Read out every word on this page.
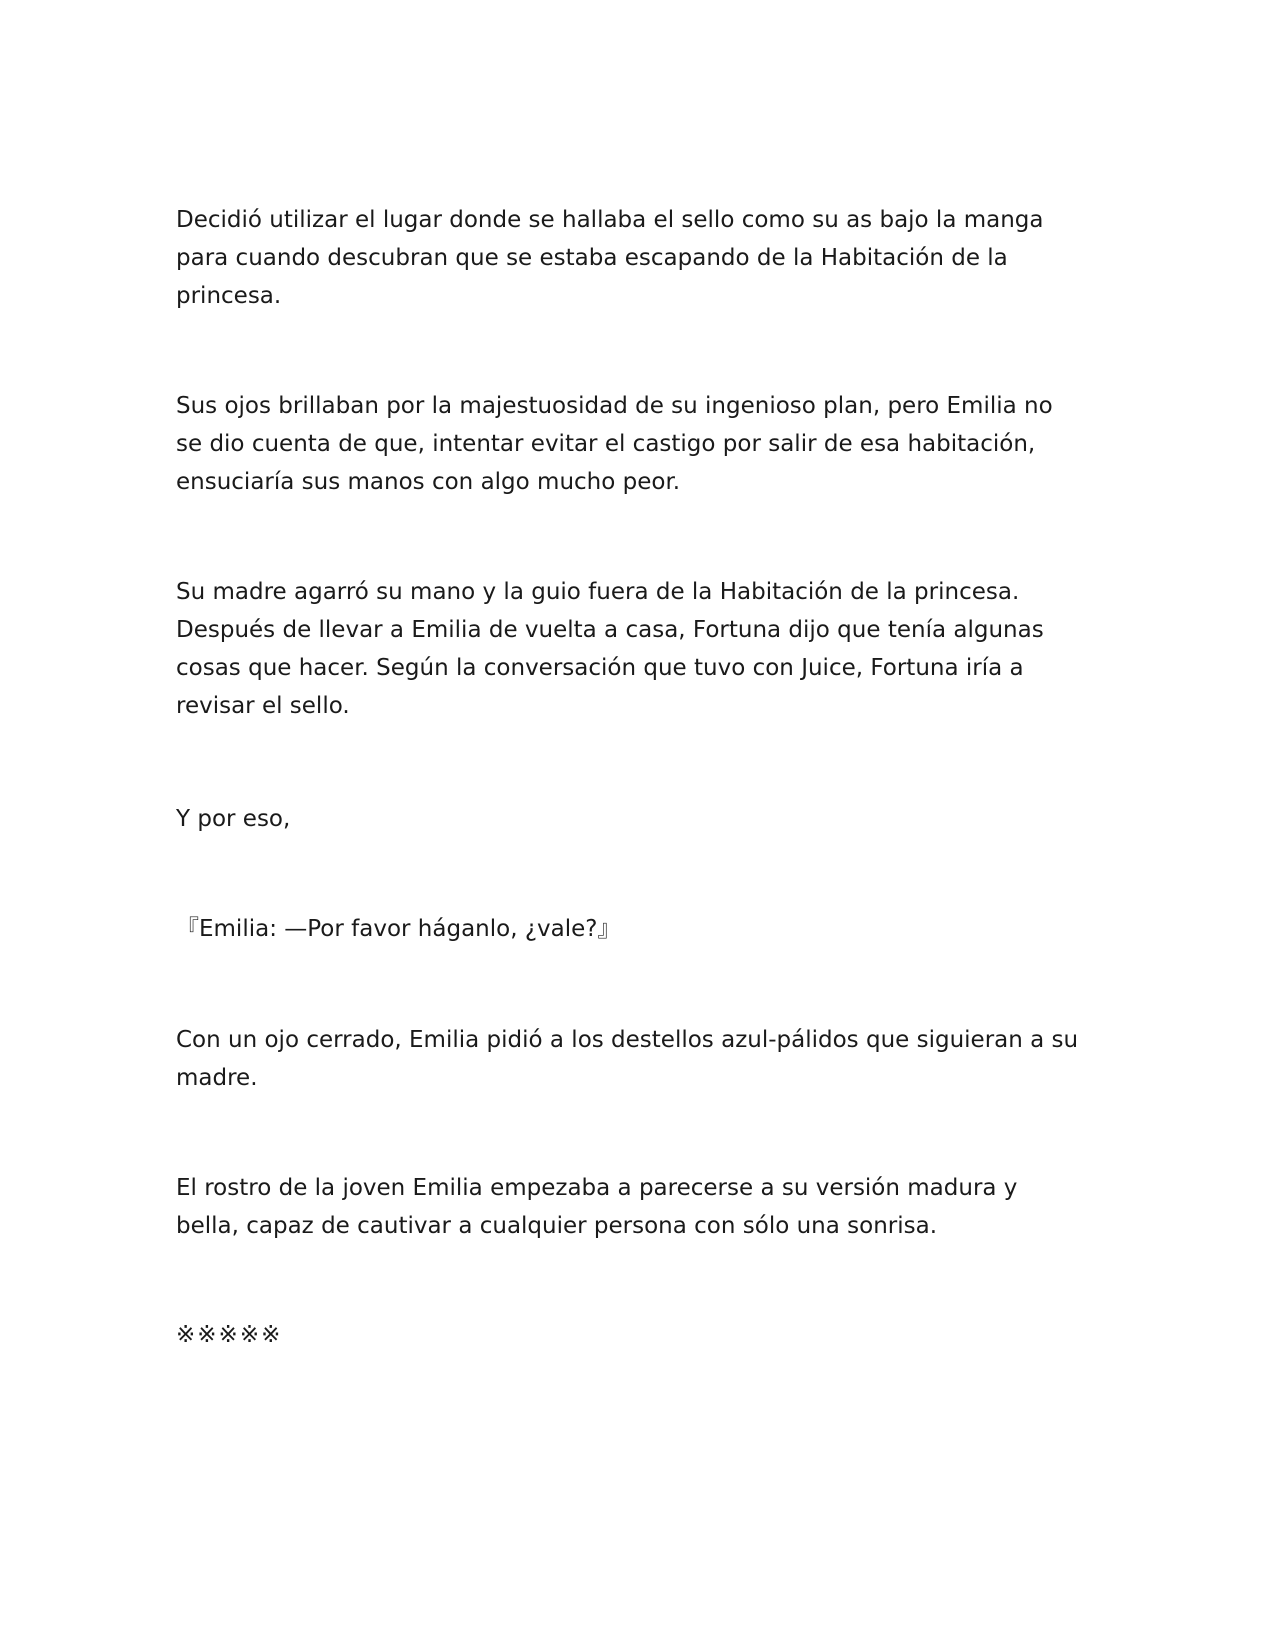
Decidió utilizar el lugar donde se hallaba el sello como su as bajo la manga
para cuando descubran que se estaba escapando de la Habitación de la
princesa.

Sus ojos brillaban por la majestuosidad de su ingenioso plan, pero Emilia no
se dio cuenta de que, intentar evitar el castigo por salir de esa habitación,
ensuciaría sus manos con algo mucho peor.

Su madre agarró su mano y la guio fuera de la Habitación de la princesa.
Después de llevar a Emilia de vuelta a casa, Fortuna dijo que tenía algunas
cosas que hacer. Según la conversación que tuvo con Juice, Fortuna iría a
revisar el sello.

Y por eso,

『Emilia: —Por favor háganlo, ¿vale?』

Con un ojo cerrado, Emilia pidió a los destellos azul-pálidos que siguieran a su
madre.

El rostro de la joven Emilia empezaba a parecerse a su versión madura y
bella, capaz de cautivar a cualquier persona con sólo una sonrisa.

※※※※※
